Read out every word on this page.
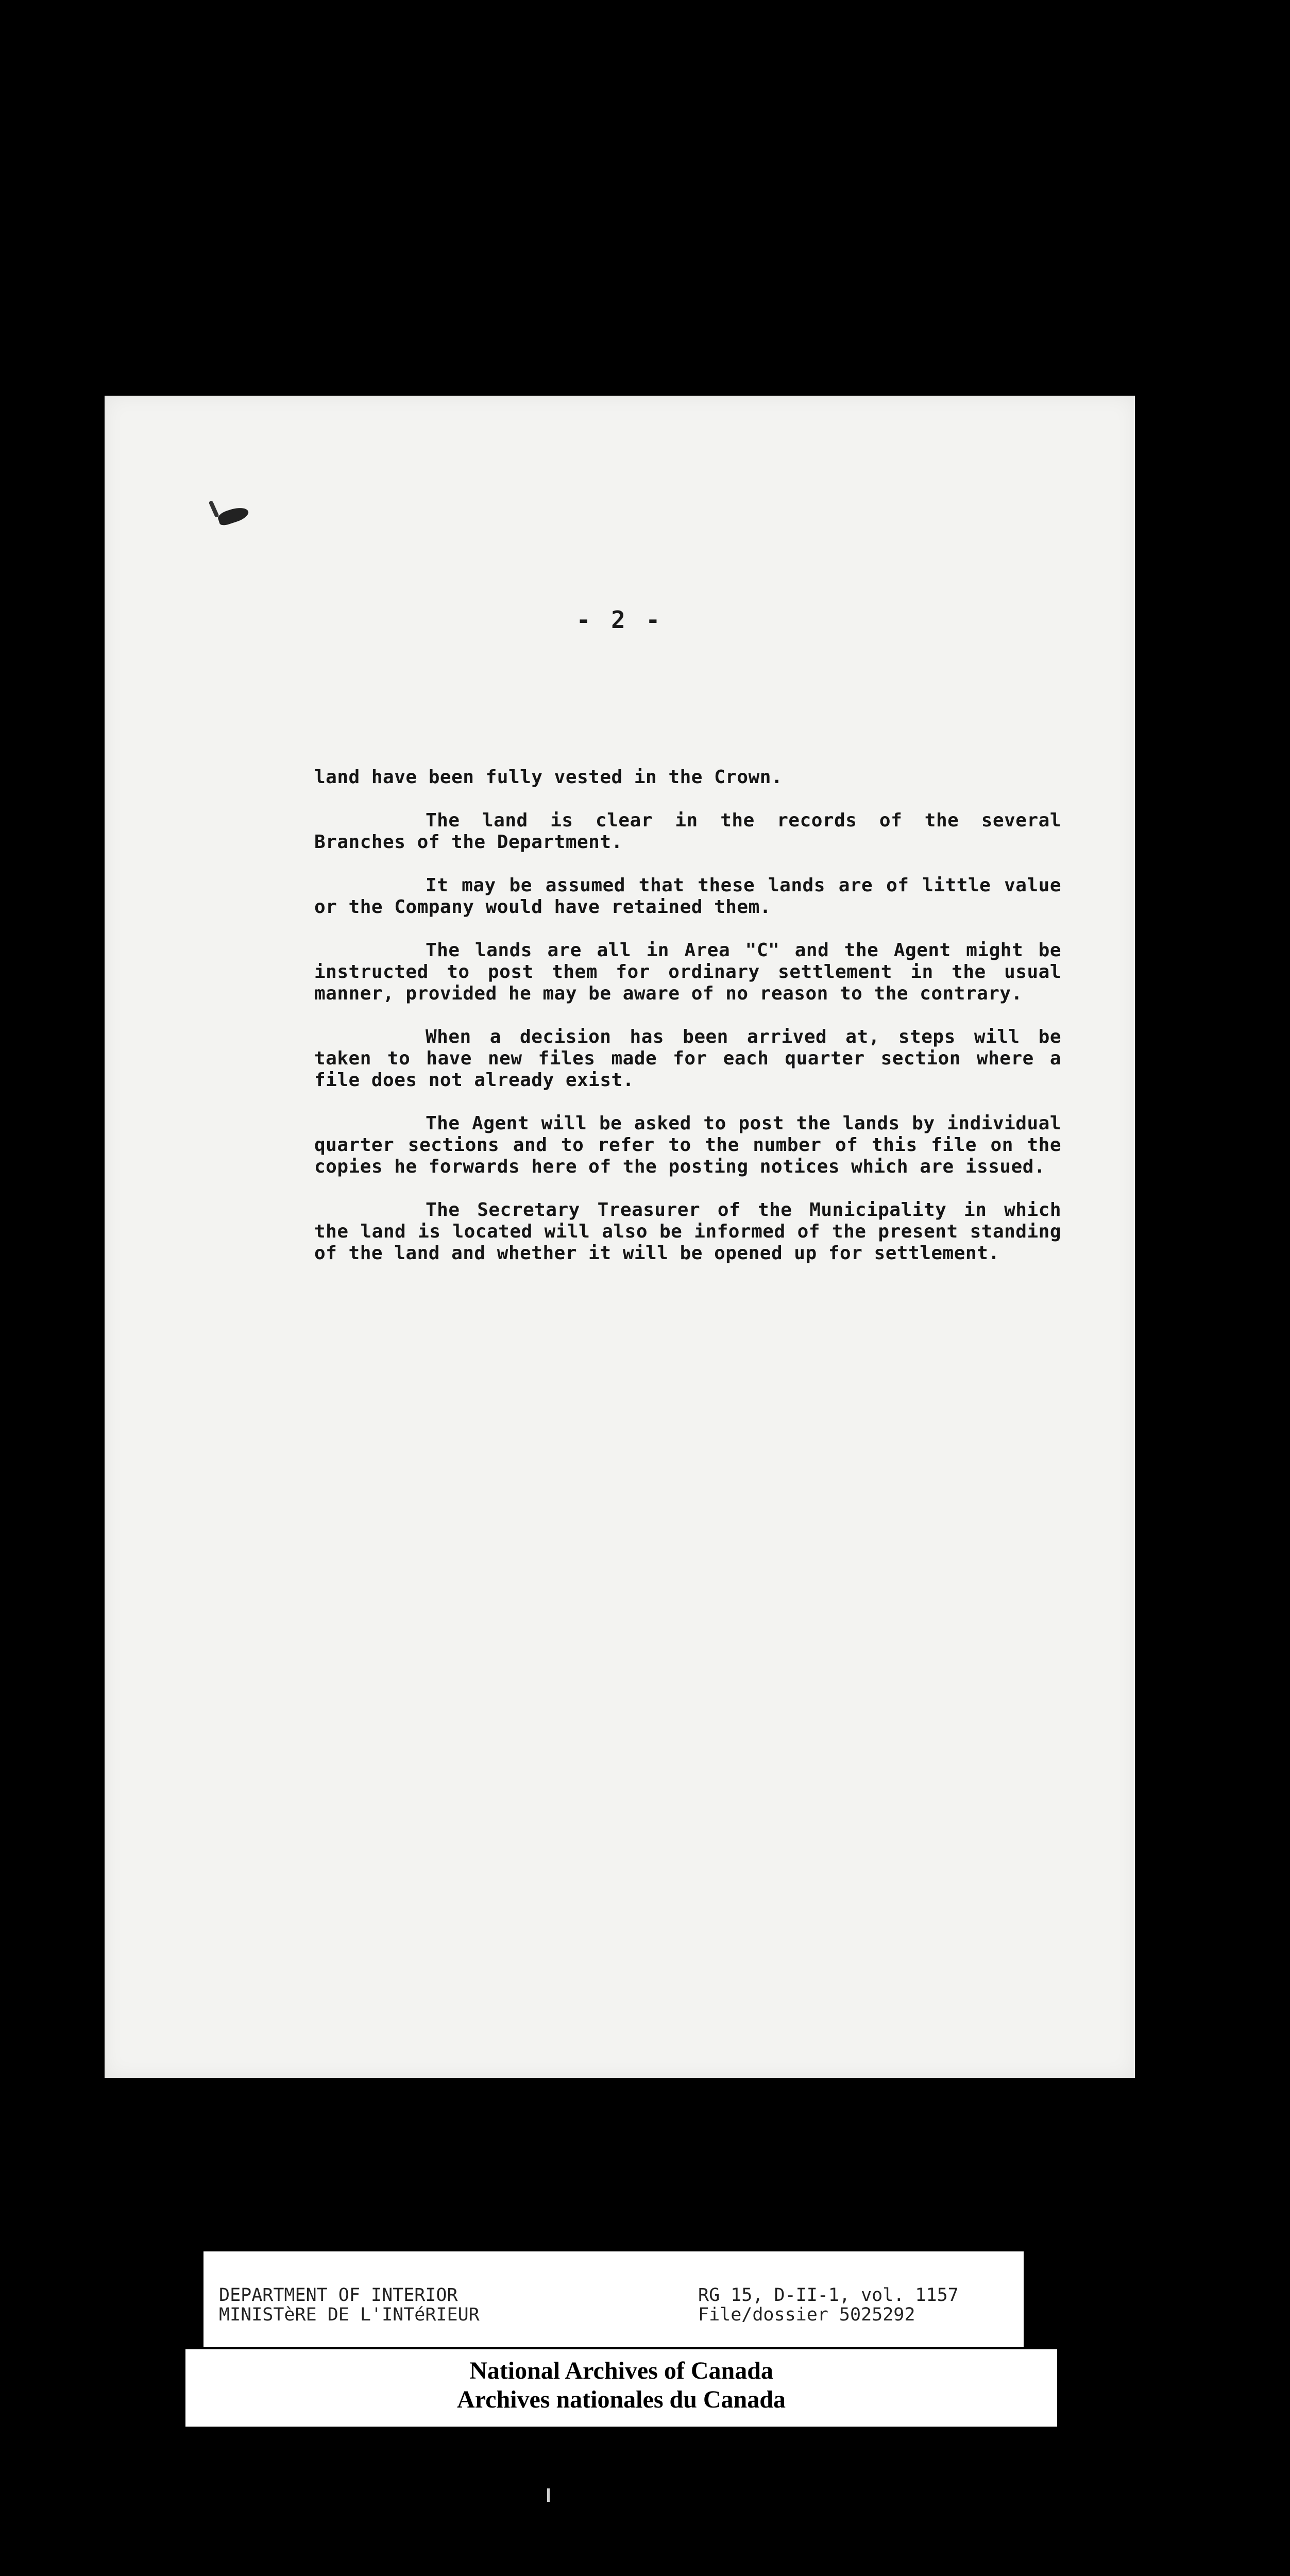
- 2 -

land have been fully vested in the Crown.

The land is clear in the records of the several Branches of the Department.

It may be assumed that these lands are of little value or the Company would have retained them.

The lands are all in Area "C" and the Agent might be instructed to post them for ordinary settlement in the usual manner, provided he may be aware of no reason to the contrary.

When a decision has been arrived at, steps will be taken to have new files made for each quarter section where a file does not already exist.

The Agent will be asked to post the lands by individual quarter sections and to refer to the number of this file on the copies he forwards here of the posting notices which are issued.

The Secretary Treasurer of the Municipality in which the land is located will also be informed of the present standing of the land and whether it will be opened up for settlement.

DEPARTMENT OF INTERIOR
MINISTèRE DE L'INTéRIEUR
RG 15, D-II-1, vol. 1157
File/dossier 5025292
National Archives of Canada
Archives nationales du Canada
